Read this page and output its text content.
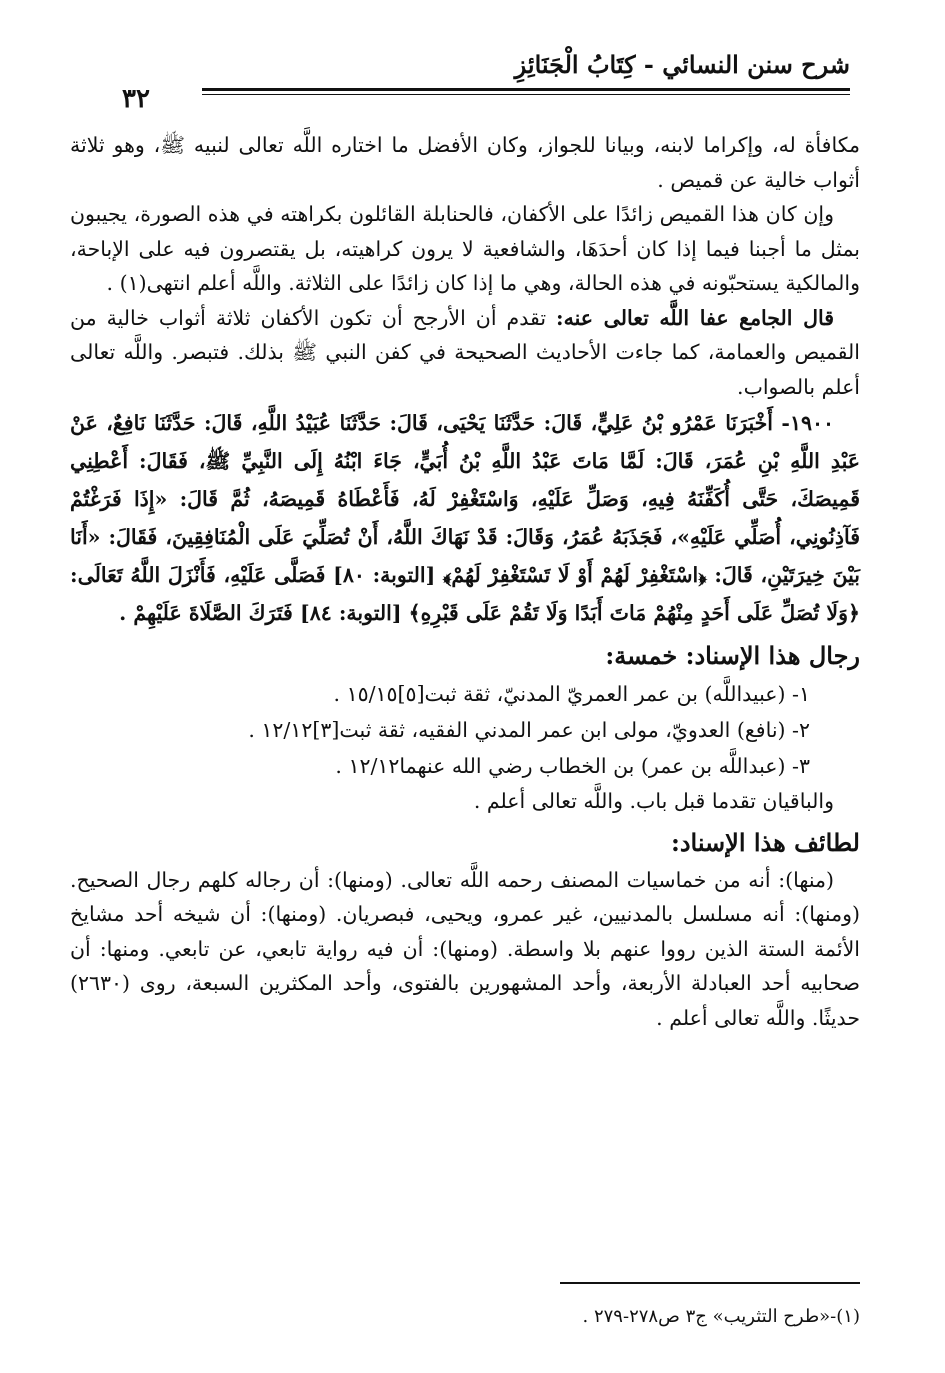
شرح سنن النسائي - كِتَابُ الْجَنَائِزِ
٣٢

مكافأة له، وإكراما لابنه، وبيانا للجواز، وكان الأفضل ما اختاره اللَّه تعالى لنبيه ﷺ، وهو ثلاثة أثواب خالية عن قميص .

وإن كان هذا القميص زائدًا على الأكفان، فالحنابلة القائلون بكراهته في هذه الصورة، يجيبون بمثل ما أجبنا فيما إذا كان أحدَهَا، والشافعية لا يرون كراهيته، بل يقتصرون فيه على الإباحة، والمالكية يستحبّونه في هذه الحالة، وهي ما إذا كان زائدًا على الثلاثة. واللَّه أعلم انتهى(١) .

قال الجامع عفا اللَّه تعالى عنه: تقدم أن الأرجح أن تكون الأكفان ثلاثة أثواب خالية من القميص والعمامة، كما جاءت الأحاديث الصحيحة في كفن النبي ﷺ بذلك. فتبصر. واللَّه تعالى أعلم بالصواب.

١٩٠٠- أَخْبَرَنَا عَمْرُو بْنُ عَلِيٍّ، قَالَ: حَدَّثَنَا يَحْيَى، قَالَ: حَدَّثَنَا عُبَيْدُ اللَّهِ، قَالَ: حَدَّثَنَا نَافِعٌ، عَنْ عَبْدِ اللَّهِ بْنِ عُمَرَ، قَالَ: لَمَّا مَاتَ عَبْدُ اللَّهِ بْنُ أُبَيٍّ، جَاءَ ابْنُهُ إِلَى النَّبِيِّ ﷺ، فَقَالَ: أَعْطِنِي قَمِيصَكَ، حَتَّى أُكَفِّنَهُ فِيهِ، وَصَلِّ عَلَيْهِ، وَاسْتَغْفِرْ لَهُ، فَأَعْطَاهُ قَمِيصَهُ، ثُمَّ قَالَ: «إِذَا فَرَغْتُمْ فَآذِنُونِي، أُصَلِّي عَلَيْهِ»، فَجَذَبَهُ عُمَرُ، وَقَالَ: قَدْ نَهَاكَ اللَّهُ، أَنْ تُصَلِّيَ عَلَى الْمُنَافِقِينَ، فَقَالَ: «أَنَا بَيْنَ خِيرَتَيْنِ، قَالَ: ﴿اسْتَغْفِرْ لَهُمْ أَوْ لَا تَسْتَغْفِرْ لَهُمْ﴾ [التوبة: ٨٠] فَصَلَّى عَلَيْهِ، فَأَنْزَلَ اللَّهُ تَعَالَى: ﴿وَلَا تُصَلِّ عَلَى أَحَدٍ مِنْهُمْ مَاتَ أَبَدًا وَلَا تَقُمْ عَلَى قَبْرِهِ﴾ [التوبة: ٨٤] فَتَرَكَ الصَّلَاةَ عَلَيْهِمْ .

رجال هذا الإسناد: خمسة:

١- (عبيداللَّه) بن عمر العمريّ المدنيّ، ثقة ثبت[٥]١٥/١٥ .

٢- (نافع) العدويّ، مولى ابن عمر المدني الفقيه، ثقة ثبت[٣]١٢/١٢ .

٣- (عبداللَّه بن عمر) بن الخطاب رضي الله عنهما١٢/١٢ .

والباقيان تقدما قبل باب. واللَّه تعالى أعلم .

لطائف هذا الإسناد:

(منها): أنه من خماسيات المصنف رحمه اللَّه تعالى. (ومنها): أن رجاله كلهم رجال الصحيح. (ومنها): أنه مسلسل بالمدنيين، غير عمرو، ويحيى، فبصريان. (ومنها): أن شيخه أحد مشايخ الأئمة الستة الذين رووا عنهم بلا واسطة. (ومنها): أن فيه رواية تابعي، عن تابعي. ومنها: أن صحابيه أحد العبادلة الأربعة، وأحد المشهورين بالفتوى، وأحد المكثرين السبعة، روى (٢٦٣٠) حديثًا. واللَّه تعالى أعلم .

(١)-«طرح التثريب» ج٣ ص٢٧٨-٢٧٩ .
